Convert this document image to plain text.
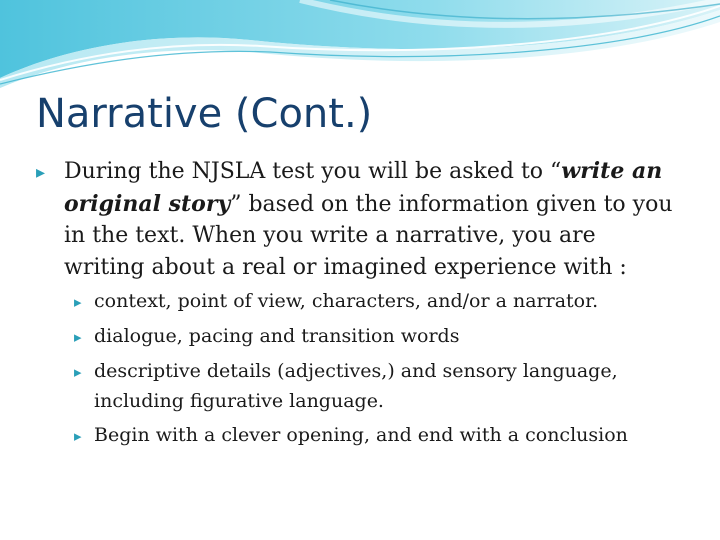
Narrative (Cont.)
▸ During the NJSLA test you will be asked to “write an
original story” based on the information given to you
in the text. When you write a narrative, you are
writing about a real or imagined experience with :
▸ context, point of view, characters, and/or a narrator.
▸ dialogue, pacing and transition words
▸ descriptive details (adjectives,) and sensory language,
including figurative language.
▸ Begin with a clever opening, and end with a conclusion
